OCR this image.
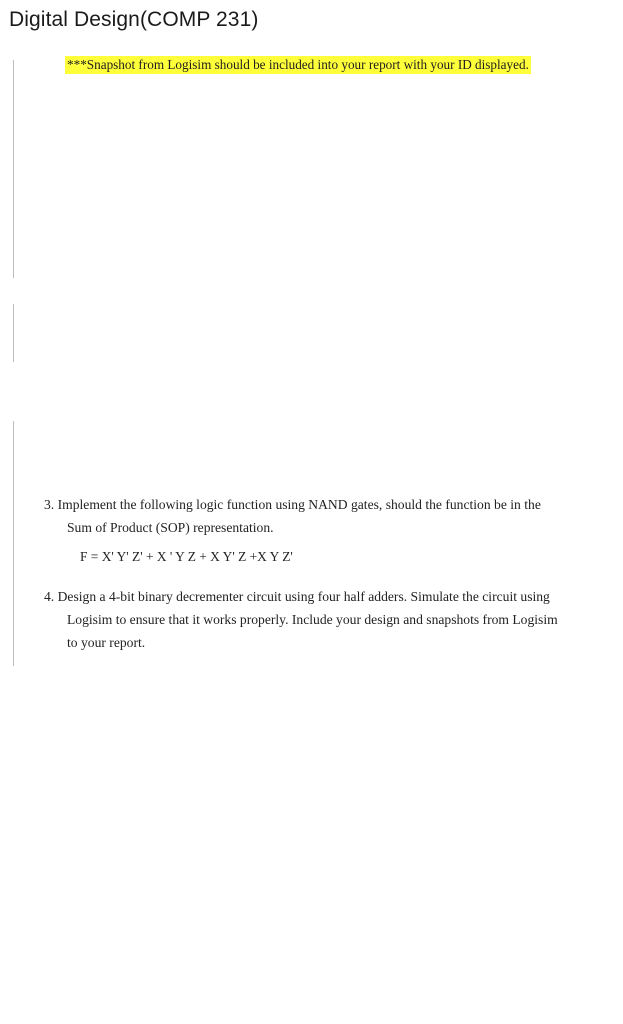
Digital Design(COMP 231)
***Snapshot from Logisim should be included into your report with your ID displayed.
3. Implement the following logic function using NAND gates, should the function be in the
Sum of Product (SOP) representation.
F = X' Y' Z' + X ' Y Z + X Y' Z +X Y Z'
4. Design a 4-bit binary decrementer circuit using four half adders. Simulate the circuit using
Logisim to ensure that it works properly. Include your design and snapshots from Logisim
to your report.
